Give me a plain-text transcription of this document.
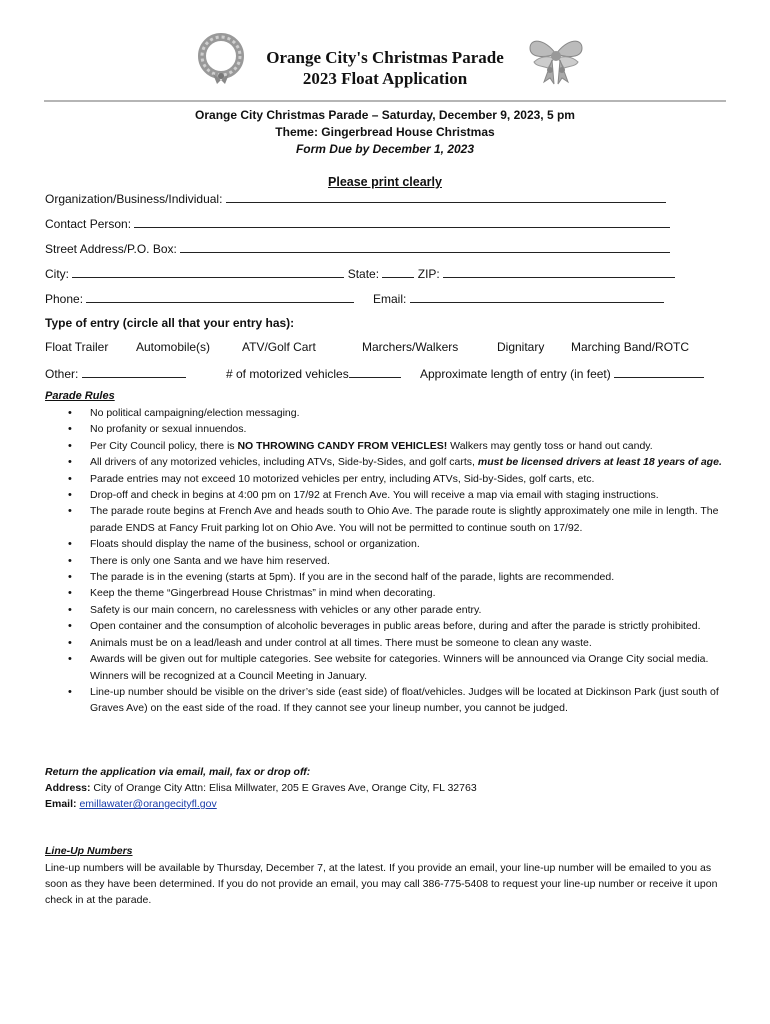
Orange City's Christmas Parade
2023 Float Application
Orange City Christmas Parade – Saturday, December 9, 2023, 5 pm
Theme: Gingerbread House Christmas
Form Due by December 1, 2023
Please print clearly
Organization/Business/Individual:
Contact Person:
Street Address/P.O. Box:
City:	State:	ZIP:
Phone:	Email:
Type of entry (circle all that your entry has):
Float Trailer Automobile(s)	ATV/Golf Cart	Marchers/Walkers	Dignitary Marching Band/ROTC
Other:	# of motorized vehicles	Approximate length of entry (in feet)
Parade Rules
• No political campaigning/election messaging.
• No profanity or sexual innuendos.
• Per City Council policy, there is NO THROWING CANDY FROM VEHICLES! Walkers may gently toss or hand out candy.
• All drivers of any motorized vehicles, including ATVs, Side-by-Sides, and golf carts, must be licensed drivers at least 18 years of age.
• Parade entries may not exceed 10 motorized vehicles per entry, including ATVs, Sid-by-Sides, golf carts, etc.
• Drop-off and check in begins at 4:00 pm on 17/92 at French Ave. You will receive a map via email with staging instructions.
• The parade route begins at French Ave and heads south to Ohio Ave. The parade route is slightly approximately one mile in length. The parade ENDS at Fancy Fruit parking lot on Ohio Ave. You will not be permitted to continue south on 17/92.
• Floats should display the name of the business, school or organization.
• There is only one Santa and we have him reserved.
• The parade is in the evening (starts at 5pm). If you are in the second half of the parade, lights are recommended.
• Keep the theme “Gingerbread House Christmas” in mind when decorating.
• Safety is our main concern, no carelessness with vehicles or any other parade entry.
• Open container and the consumption of alcoholic beverages in public areas before, during and after the parade is strictly prohibited.
• Animals must be on a lead/leash and under control at all times. There must be someone to clean any waste.
• Awards will be given out for multiple categories. See website for categories. Winners will be announced via Orange City social media. Winners will be recognized at a Council Meeting in January.
• Line-up number should be visible on the driver’s side (east side) of float/vehicles. Judges will be located at Dickinson Park (just south of Graves Ave) on the east side of the road. If they cannot see your lineup number, you cannot be judged.
Return the application via email, mail, fax or drop off:
Address: City of Orange City Attn: Elisa Millwater, 205 E Graves Ave, Orange City, FL 32763
Email: emillawater@orangecityfl.gov
Line-Up Numbers
Line-up numbers will be available by Thursday, December 7, at the latest. If you provide an email, your line-up number will be emailed to you as soon as they have been determined. If you do not provide an email, you may call 386-775-5408 to request your line-up number or receive it upon check in at the parade.
